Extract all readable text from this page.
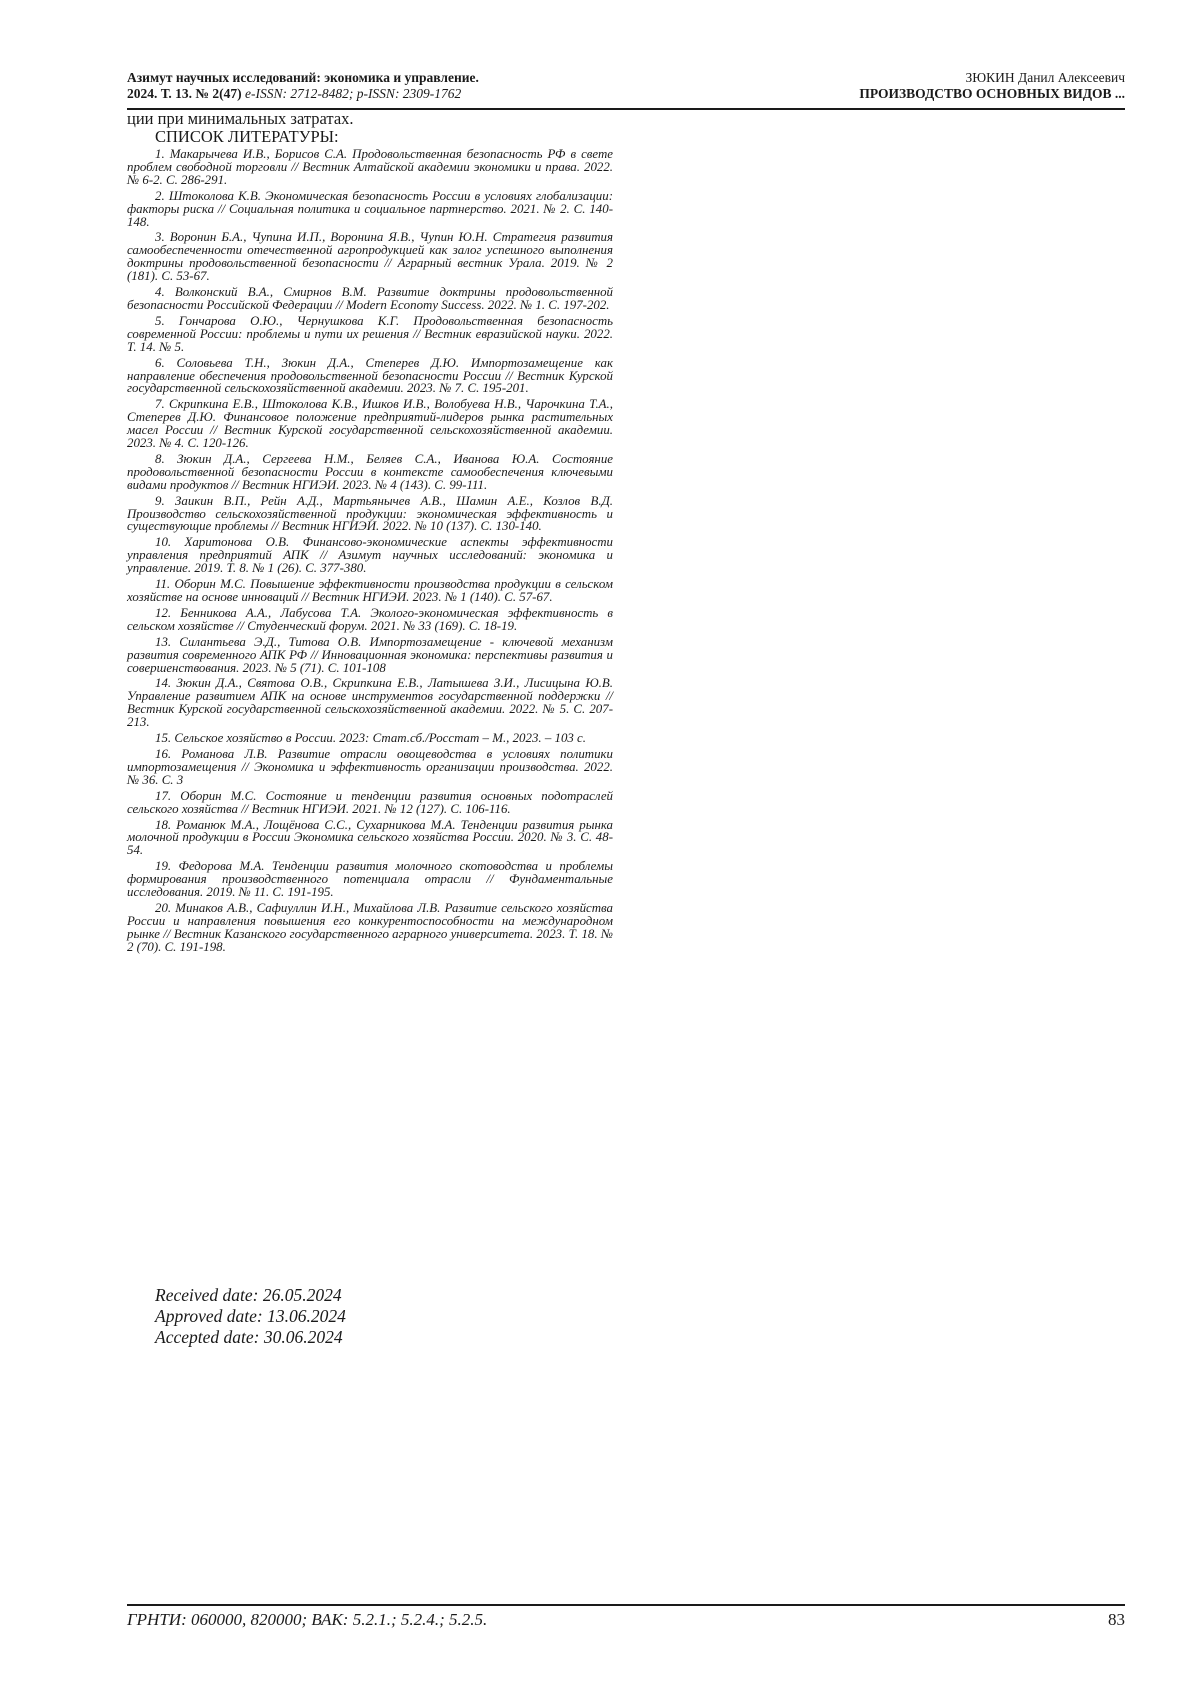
Азимут научных исследований: экономика и управление.
2024. Т. 13. № 2(47) e-ISSN: 2712-8482; p-ISSN: 2309-1762
ЗЮКИН Данил Алексеевич
ПРОИЗВОДСТВО ОСНОВНЫХ ВИДОВ ...
ции при минимальных затратах.
СПИСОК ЛИТЕРАТУРЫ:
1. Макарычева И.В., Борисов С.А. Продовольственная безопасность РФ в свете проблем свободной торговли // Вестник Алтайской академии экономики и права. 2022. № 6-2. С. 286-291.
2. Штоколова К.В. Экономическая безопасность России в условиях глобализации: факторы риска // Социальная политика и социальное партнерство. 2021. № 2. С. 140-148.
3. Воронин Б.А., Чупина И.П., Воронина Я.В., Чупин Ю.Н. Стратегия развития самообеспеченности отечественной агропродукцией как залог успешного выполнения доктрины продовольственной безопасности // Аграрный вестник Урала. 2019. № 2 (181). С. 53-67.
4. Волконский В.А., Смирнов В.М. Развитие доктрины продовольственной безопасности Российской Федерации // Modern Economy Success. 2022. № 1. С. 197-202.
5. Гончарова О.Ю., Чернушкова К.Г. Продовольственная безопасность современной России: проблемы и пути их решения // Вестник евразийской науки. 2022. Т. 14. № 5.
6. Соловьева Т.Н., Зюкин Д.А., Степерев Д.Ю. Импортозамещение как направление обеспечения продовольственной безопасности России // Вестник Курской государственной сельскохозяйственной академии. 2023. № 7. С. 195-201.
7. Скрипкина Е.В., Штоколова К.В., Ишков И.В., Волобуева Н.В., Чарочкина Т.А., Степерев Д.Ю. Финансовое положение предприятий-лидеров рынка растительных масел России // Вестник Курской государственной сельскохозяйственной академии. 2023. № 4. С. 120-126.
8. Зюкин Д.А., Сергеева Н.М., Беляев С.А., Иванова Ю.А. Состояние продовольственной безопасности России в контексте самообеспечения ключевыми видами продуктов // Вестник НГИЭИ. 2023. № 4 (143). С. 99-111.
9. Заикин В.П., Рейн А.Д., Мартьянычев А.В., Шамин А.Е., Козлов В.Д. Производство сельскохозяйственной продукции: экономическая эффективность и существующие проблемы // Вестник НГИЭИ. 2022. № 10 (137). С. 130-140.
10. Харитонова О.В. Финансово-экономические аспекты эффективности управления предприятий АПК // Азимут научных исследований: экономика и управление. 2019. Т. 8. № 1 (26). С. 377-380.
11. Оборин М.С. Повышение эффективности производства продукции в сельском хозяйстве на основе инноваций // Вестник НГИЭИ. 2023. № 1 (140). С. 57-67.
12. Бенникова А.А., Лабусова Т.А. Эколого-экономическая эффективность в сельском хозяйстве // Студенческий форум. 2021. № 33 (169). С. 18-19.
13. Силантьева Э.Д., Титова О.В. Импортозамещение - ключевой механизм развития современного АПК РФ // Инновационная экономика: перспективы развития и совершенствования. 2023. № 5 (71). С. 101-108
14. Зюкин Д.А., Святова О.В., Скрипкина Е.В., Латышева З.И., Лисицына Ю.В. Управление развитием АПК на основе инструментов государственной поддержки // Вестник Курской государственной сельскохозяйственной академии. 2022. № 5. С. 207-213.
15. Сельское хозяйство в России. 2023: Стат.сб./Росстат – М., 2023. – 103 с.
16. Романова Л.В. Развитие отрасли овощеводства в условиях политики импортозамещения // Экономика и эффективность организации производства. 2022. № 36. С. 3
17. Оборин М.С. Состояние и тенденции развития основных подотраслей сельского хозяйства // Вестник НГИЭИ. 2021. № 12 (127). С. 106-116.
18. Романюк М.А., Лощёнова С.С., Сухарникова М.А. Тенденции развития рынка молочной продукции в России Экономика сельского хозяйства России. 2020. № 3. С. 48-54.
19. Федорова М.А. Тенденции развития молочного скотоводства и проблемы формирования производственного потенциала отрасли // Фундаментальные исследования. 2019. № 11. С. 191-195.
20. Минаков А.В., Сафиуллин И.Н., Михайлова Л.В. Развитие сельского хозяйства России и направления повышения его конкурентоспособности на международном рынке // Вестник Казанского государственного аграрного университета. 2023. Т. 18. № 2 (70). С. 191-198.
Received date: 26.05.2024
Approved date: 13.06.2024
Accepted date: 30.06.2024
ГРНТИ: 060000, 820000; ВАК: 5.2.1.; 5.2.4.; 5.2.5.	83
